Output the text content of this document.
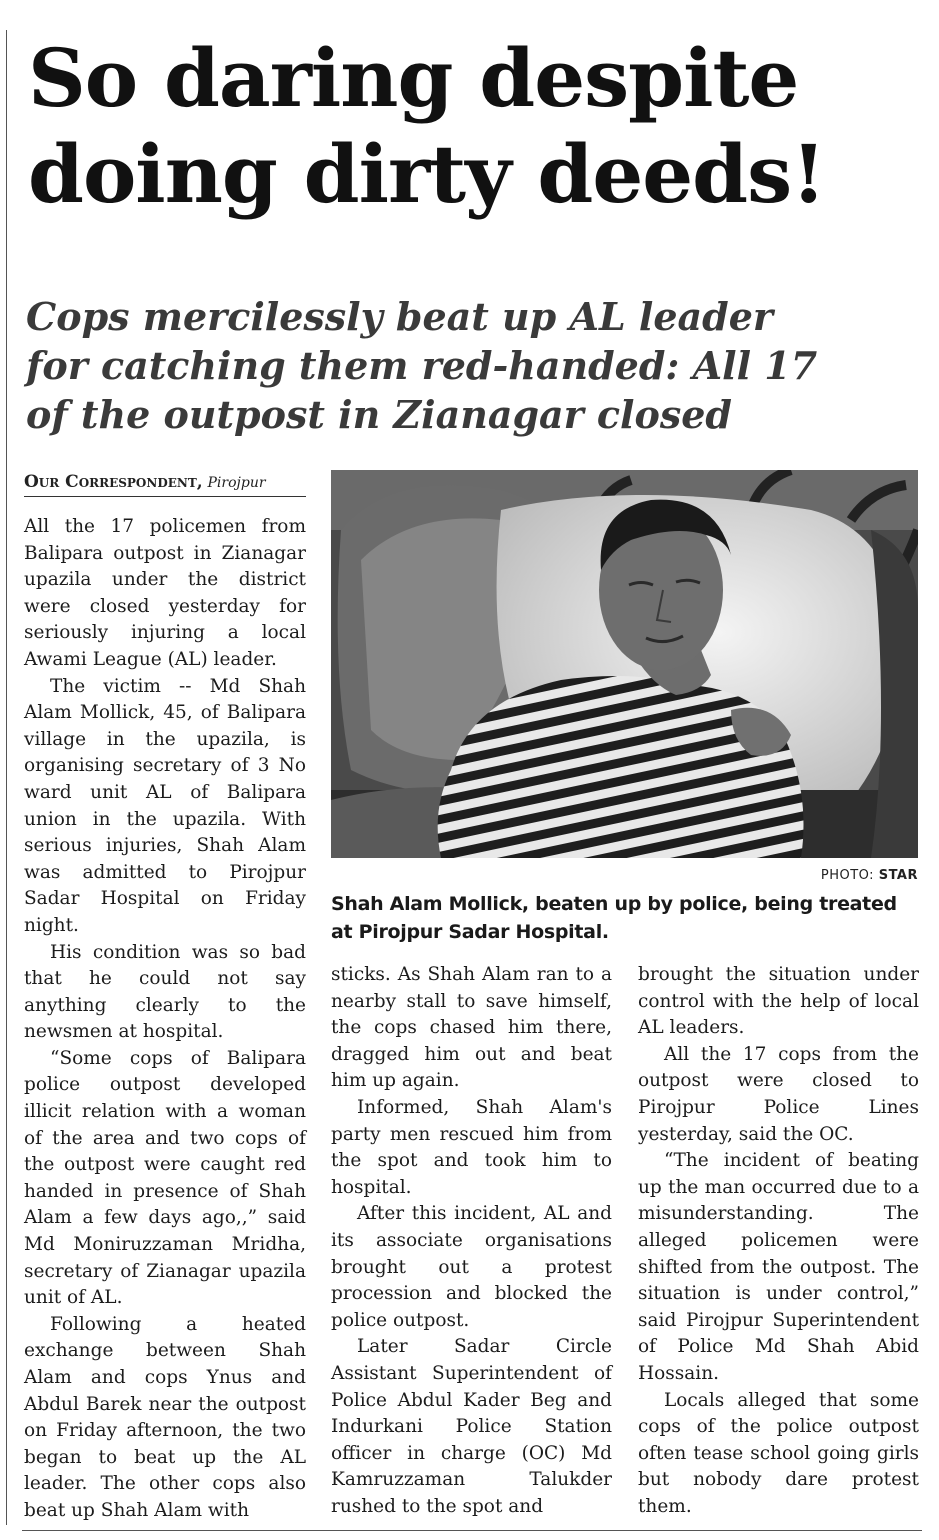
So daring despite doing dirty deeds!
Cops mercilessly beat up AL leader for catching them red-handed: All 17 of the outpost in Zianagar closed
Our Correspondent, Pirojpur

All the 17 policemen from Balipara outpost in Zianagar upazila under the district were closed yesterday for seriously injuring a local Awami League (AL) leader.

The victim -- Md Shah Alam Mollick, 45, of Balipara village in the upazila, is organising secretary of 3 No ward unit AL of Balipara union in the upazila. With serious injuries, Shah Alam was admitted to Pirojpur Sadar Hospital on Friday night.

His condition was so bad that he could not say anything clearly to the newsmen at hospital.

“Some cops of Balipara police outpost developed illicit relation with a woman of the area and two cops of the outpost were caught red handed in presence of Shah Alam a few days ago,,” said Md Moniruzzaman Mridha, secretary of Zianagar upazila unit of AL.

Following a heated exchange between Shah Alam and cops Ynus and Abdul Barek near the outpost on Friday afternoon, the two began to beat up the AL leader. The other cops also beat up Shah Alam with

PHOTO: STAR
Shah Alam Mollick, beaten up by police, being treated at Pirojpur Sadar Hospital.

sticks. As Shah Alam ran to a nearby stall to save himself, the cops chased him there, dragged him out and beat him up again.

Informed, Shah Alam's party men rescued him from the spot and took him to hospital.

After this incident, AL and its associate organisations brought out a protest procession and blocked the police outpost.

Later Sadar Circle Assistant Superintendent of Police Abdul Kader Beg and Indurkani Police Station officer in charge (OC) Md Kamruzzaman Talukder rushed to the spot and

brought the situation under control with the help of local AL leaders.

All the 17 cops from the outpost were closed to Pirojpur Police Lines yesterday, said the OC.

“The incident of beating up the man occurred due to a misunderstanding. The alleged policemen were shifted from the outpost. The situation is under control,” said Pirojpur Superintendent of Police Md Shah Abid Hossain.

Locals alleged that some cops of the police outpost often tease school going girls but nobody dare protest them.
